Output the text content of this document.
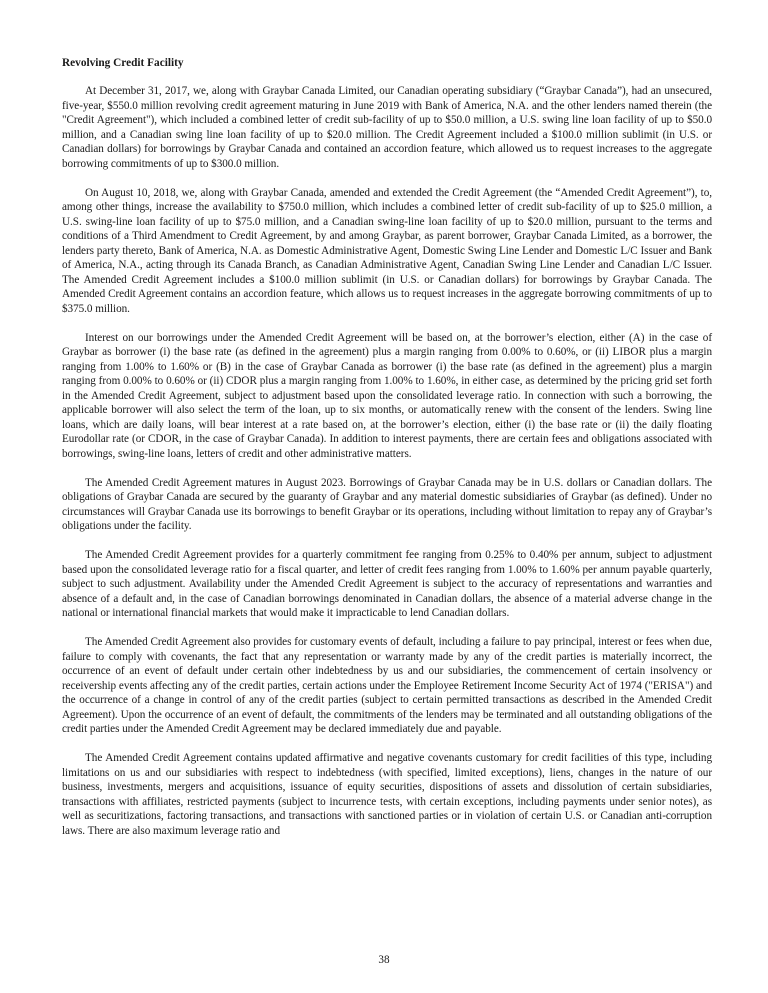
Revolving Credit Facility

At December 31, 2017, we, along with Graybar Canada Limited, our Canadian operating subsidiary (“Graybar Canada”), had an unsecured, five-year, $550.0 million revolving credit agreement maturing in June 2019 with Bank of America, N.A. and the other lenders named therein (the "Credit Agreement"), which included a combined letter of credit sub-facility of up to $50.0 million, a U.S. swing line loan facility of up to $50.0 million, and a Canadian swing line loan facility of up to $20.0 million. The Credit Agreement included a $100.0 million sublimit (in U.S. or Canadian dollars) for borrowings by Graybar Canada and contained an accordion feature, which allowed us to request increases to the aggregate borrowing commitments of up to $300.0 million.

On August 10, 2018, we, along with Graybar Canada, amended and extended the Credit Agreement (the “Amended Credit Agreement”), to, among other things, increase the availability to $750.0 million, which includes a combined letter of credit sub-facility of up to $25.0 million, a U.S. swing-line loan facility of up to $75.0 million, and a Canadian swing-line loan facility of up to $20.0 million, pursuant to the terms and conditions of a Third Amendment to Credit Agreement, by and among Graybar, as parent borrower, Graybar Canada Limited, as a borrower, the lenders party thereto, Bank of America, N.A. as Domestic Administrative Agent, Domestic Swing Line Lender and Domestic L/C Issuer and Bank of America, N.A., acting through its Canada Branch, as Canadian Administrative Agent, Canadian Swing Line Lender and Canadian L/C Issuer. The Amended Credit Agreement includes a $100.0 million sublimit (in U.S. or Canadian dollars) for borrowings by Graybar Canada. The Amended Credit Agreement contains an accordion feature, which allows us to request increases in the aggregate borrowing commitments of up to $375.0 million.

Interest on our borrowings under the Amended Credit Agreement will be based on, at the borrower’s election, either (A) in the case of Graybar as borrower (i) the base rate (as defined in the agreement) plus a margin ranging from 0.00% to 0.60%, or (ii) LIBOR plus a margin ranging from 1.00% to 1.60% or (B) in the case of Graybar Canada as borrower (i) the base rate (as defined in the agreement) plus a margin ranging from 0.00% to 0.60% or (ii) CDOR plus a margin ranging from 1.00% to 1.60%, in either case, as determined by the pricing grid set forth in the Amended Credit Agreement, subject to adjustment based upon the consolidated leverage ratio. In connection with such a borrowing, the applicable borrower will also select the term of the loan, up to six months, or automatically renew with the consent of the lenders. Swing line loans, which are daily loans, will bear interest at a rate based on, at the borrower’s election, either (i) the base rate or (ii) the daily floating Eurodollar rate (or CDOR, in the case of Graybar Canada). In addition to interest payments, there are certain fees and obligations associated with borrowings, swing-line loans, letters of credit and other administrative matters.

The Amended Credit Agreement matures in August 2023. Borrowings of Graybar Canada may be in U.S. dollars or Canadian dollars. The obligations of Graybar Canada are secured by the guaranty of Graybar and any material domestic subsidiaries of Graybar (as defined). Under no circumstances will Graybar Canada use its borrowings to benefit Graybar or its operations, including without limitation to repay any of Graybar’s obligations under the facility.

The Amended Credit Agreement provides for a quarterly commitment fee ranging from 0.25% to 0.40% per annum, subject to adjustment based upon the consolidated leverage ratio for a fiscal quarter, and letter of credit fees ranging from 1.00% to 1.60% per annum payable quarterly, subject to such adjustment. Availability under the Amended Credit Agreement is subject to the accuracy of representations and warranties and absence of a default and, in the case of Canadian borrowings denominated in Canadian dollars, the absence of a material adverse change in the national or international financial markets that would make it impracticable to lend Canadian dollars.

The Amended Credit Agreement also provides for customary events of default, including a failure to pay principal, interest or fees when due, failure to comply with covenants, the fact that any representation or warranty made by any of the credit parties is materially incorrect, the occurrence of an event of default under certain other indebtedness by us and our subsidiaries, the commencement of certain insolvency or receivership events affecting any of the credit parties, certain actions under the Employee Retirement Income Security Act of 1974 ("ERISA") and the occurrence of a change in control of any of the credit parties (subject to certain permitted transactions as described in the Amended Credit Agreement). Upon the occurrence of an event of default, the commitments of the lenders may be terminated and all outstanding obligations of the credit parties under the Amended Credit Agreement may be declared immediately due and payable.

The Amended Credit Agreement contains updated affirmative and negative covenants customary for credit facilities of this type, including limitations on us and our subsidiaries with respect to indebtedness (with specified, limited exceptions), liens, changes in the nature of our business, investments, mergers and acquisitions, issuance of equity securities, dispositions of assets and dissolution of certain subsidiaries, transactions with affiliates, restricted payments (subject to incurrence tests, with certain exceptions, including payments under senior notes), as well as securitizations, factoring transactions, and transactions with sanctioned parties or in violation of certain U.S. or Canadian anti-corruption laws. There are also maximum leverage ratio and

38
